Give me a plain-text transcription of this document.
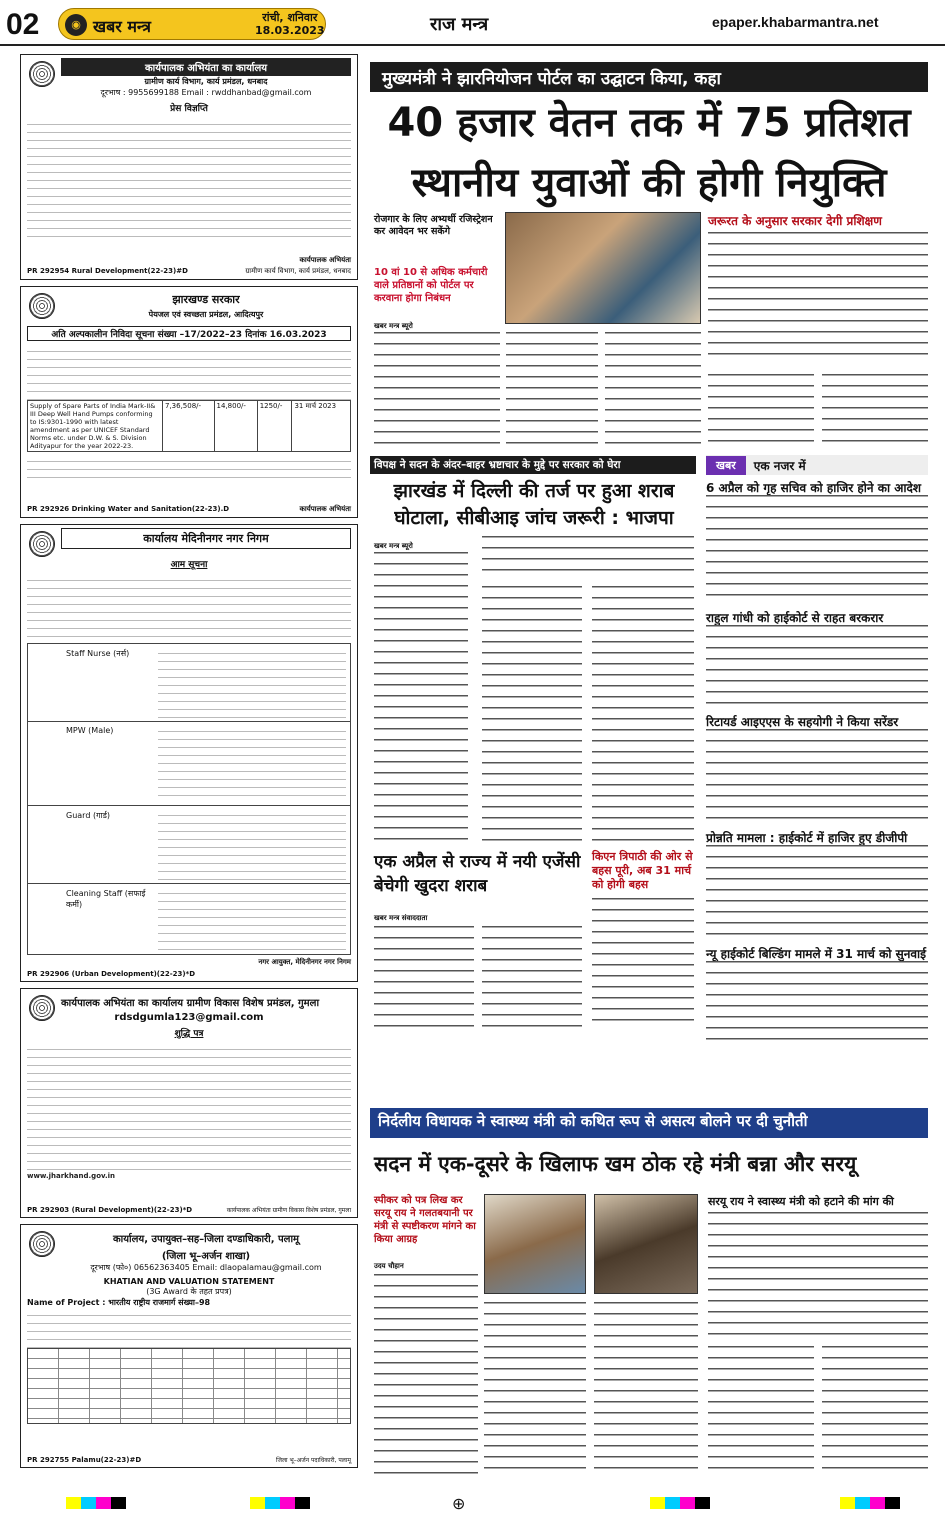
02	◉ खबर मन्त्र	रांची, शनिवार
18.03.2023	राज मन्त्र	epaper.khabarmantra.net
कार्यपालक अभियंता का कार्यालय
ग्रामीण कार्य विभाग, कार्य प्रमंडल, धनबाद
दूरभाष : 9955699188 Email : rwddhanbad@gmail.com
प्रेस विज्ञप्ति
कार्यपालक अभियंता
PR 292954 Rural Development(22-23)#D	ग्रामीण कार्य विभाग, कार्य प्रमंडल, धनबाद
झारखण्ड सरकार
पेयजल एवं स्वच्छता प्रमंडल, आदित्यपुर
अति अल्पकालीन निविदा सूचना संख्या –17/2022–23 दिनांक 16.03.2023
Supply of Spare Parts of India Mark-II& III Deep Well Hand Pumps conforming to IS:9301-1990 with latest amendment as per UNICEF Standard Norms etc. under D.W. & S. Division Adityapur for the year 2022-23.	7,36,508/-	14,800/-	1250/-	31 मार्च 2023
PR 292926 Drinking Water and Sanitation(22-23).D	कार्यपालक अभियंता
कार्यालय मेदिनीनगर नगर निगम
आम सूचना
Staff Nurse (नर्स)
MPW (Male)
Guard (गार्ड)
Cleaning Staff (सफाई कर्मी)
नगर आयुक्त, मेदिनीनगर नगर निगम
PR 292906 (Urban Development)(22-23)*D
कार्यपालक अभियंता का कार्यालय ग्रामीण विकास विशेष प्रमंडल, गुमला
rdsdgumla123@gmail.com
शुद्धि पत्र
www.jharkhand.gov.in
PR 292903 (Rural Development)(22-23)*D	कार्यपालक अभियंता ग्रामीण विकास विशेष प्रमंडल, गुमला
कार्यालय, उपायुक्त–सह–जिला दण्डाधिकारी, पलामू
(जिला भू–अर्जन शाखा)
दूरभाष (फो०) 06562363405 Email: dlaopalamau@gmail.com
KHATIAN AND VALUATION STATEMENT
(3G Award के तहत प्रपत्र)
Name of Project : भारतीय राष्ट्रीय राजमार्ग संख्या–98
PR 292755 Palamu(22-23)#D	जिला भू–अर्जन पदाधिकारी, पलामू
मुख्यमंत्री ने झारनियोजन पोर्टल का उद्घाटन किया, कहा
40 हजार वेतन तक में 75 प्रतिशत
स्थानीय युवाओं की होगी नियुक्ति
रोजगार के लिए अभ्यर्थी रजिस्ट्रेशन कर आवेदन भर सकेंगे
10 वां 10 से अधिक कर्मचारी वाले प्रतिष्ठानों को पोर्टल पर करवाना होगा निबंधन
खबर मन्त्र ब्यूरो
जरूरत के अनुसार सरकार देगी प्रशिक्षण
विपक्ष ने सदन के अंदर–बाहर भ्रष्टाचार के मुद्दे पर सरकार को घेरा
झारखंड में दिल्ली की तर्ज पर हुआ शराब घोटाला, सीबीआइ जांच जरूरी : भाजपा
खबर मन्त्र ब्यूरो
एक अप्रैल से राज्य में नयी एजेंसी बेचेगी खुदरा शराब
खबर मन्त्र संवाददाता
किएन त्रिपाठी की ओर से बहस पूरी, अब 31 मार्च को होगी बहस
खबर	एक नजर में
6 अप्रैल को गृह सचिव को हाजिर होने का आदेश
राहुल गांधी को हाईकोर्ट से राहत बरकरार
रिटायर्ड आइएएस के सहयोगी ने किया सरेंडर
प्रोन्नति मामला : हाईकोर्ट में हाजिर हुए डीजीपी
न्यू हाईकोर्ट बिल्डिंग मामले में 31 मार्च को सुनवाई
निर्दलीय विधायक ने स्वास्थ्य मंत्री को कथित रूप से असत्य बोलने पर दी चुनौती
सदन में एक-दूसरे के खिलाफ खम ठोक रहे मंत्री बन्ना और सरयू
स्पीकर को पत्र लिख कर सरयू राय ने गलतबयानी पर मंत्री से स्पष्टीकरण मांगने का किया आग्रह
उदय चौहान
सरयू राय ने स्वास्थ्य मंत्री को हटाने की मांग की
⊕
